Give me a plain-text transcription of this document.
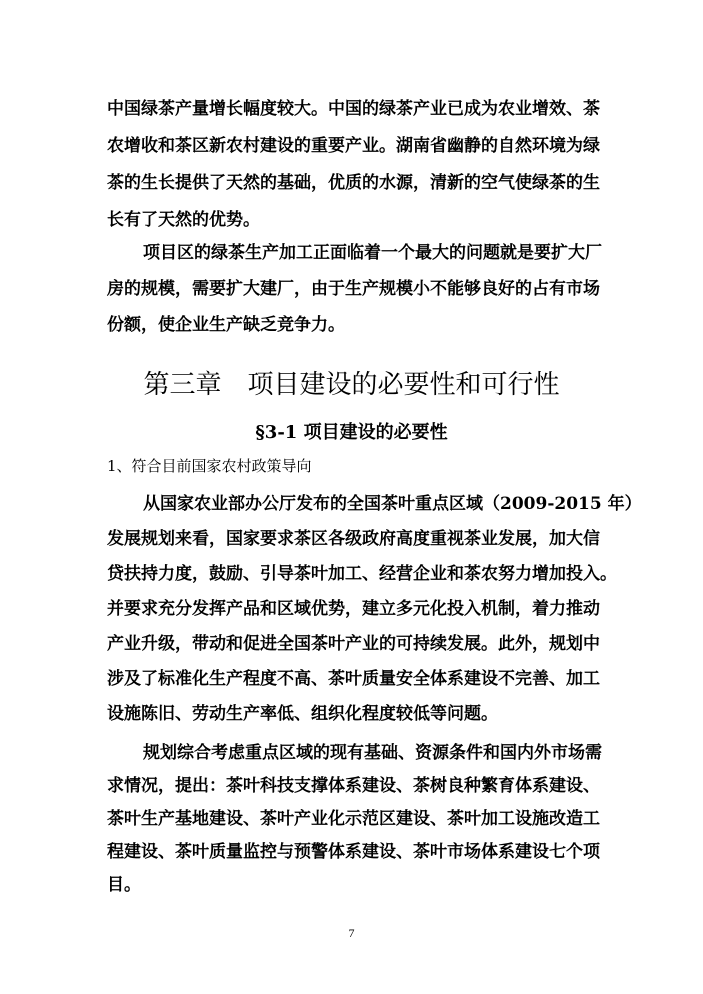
中国绿茶产量增长幅度较大。中国的绿茶产业已成为农业增效、茶
农增收和茶区新农村建设的重要产业。湖南省幽静的自然环境为绿
茶的生长提供了天然的基础，优质的水源，清新的空气使绿茶的生
长有了天然的优势。
项目区的绿茶生产加工正面临着一个最大的问题就是要扩大厂
房的规模，需要扩大建厂，由于生产规模小不能够良好的占有市场
份额，使企业生产缺乏竞争力。
第三章　项目建设的必要性和可行性
§3-1 项目建设的必要性
1、符合目前国家农村政策导向
从国家农业部办公厅发布的全国茶叶重点区域（2009-2015 年）
发展规划来看，国家要求茶区各级政府高度重视茶业发展，加大信
贷扶持力度，鼓励、引导茶叶加工、经营企业和茶农努力增加投入。
并要求充分发挥产品和区域优势，建立多元化投入机制，着力推动
产业升级，带动和促进全国茶叶产业的可持续发展。此外，规划中
涉及了标准化生产程度不高、茶叶质量安全体系建设不完善、加工
设施陈旧、劳动生产率低、组织化程度较低等问题。
规划综合考虑重点区域的现有基础、资源条件和国内外市场需
求情况，提出：茶叶科技支撑体系建设、茶树良种繁育体系建设、
茶叶生产基地建设、茶叶产业化示范区建设、茶叶加工设施改造工
程建设、茶叶质量监控与预警体系建设、茶叶市场体系建设七个项
目。
7
